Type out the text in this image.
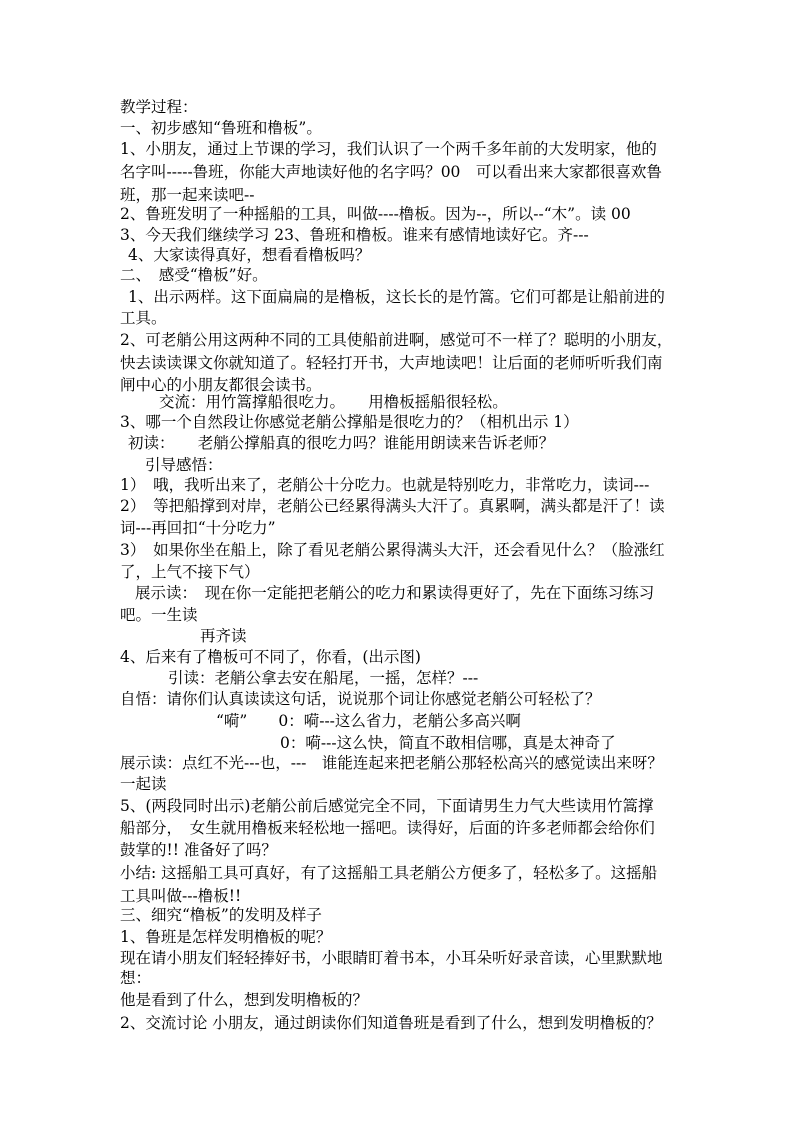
教学过程：
一、初步感知“鲁班和橹板”。
1、小朋友，通过上节课的学习，我们认识了一个两千多年前的大发明家，他的
名字叫-----鲁班，你能大声地读好他的名字吗？00　可以看出来大家都很喜欢鲁
班，那一起来读吧--
2、鲁班发明了一种摇船的工具，叫做----橹板。因为--，所以--“木”。读 00
3、今天我们继续学习 23、鲁班和橹板。谁来有感情地读好它。齐---
4、大家读得真好，想看看橹板吗？
二、　感受“橹板”好。
1、出示两样。这下面扁扁的是橹板，这长长的是竹篙。它们可都是让船前进的
工具。
2、可老艄公用这两种不同的工具使船前进啊，感觉可不一样了？聪明的小朋友，
快去读读课文你就知道了。轻轻打开书，大声地读吧！让后面的老师听听我们南
闸中心的小朋友都很会读书。
交流：用竹篙撑船很吃力。　　用橹板摇船很轻松。
3、哪一个自然段让你感觉老艄公撑船是很吃力的？（相机出示 1）
初读：　　老艄公撑船真的很吃力吗？谁能用朗读来告诉老师？
引导感悟：
1）　哦，我听出来了，老艄公十分吃力。也就是特别吃力，非常吃力，读词---
2）　等把船撑到对岸，老艄公已经累得满头大汗了。真累啊，满头都是汗了！读
词---再回扣“十分吃力”
3）　如果你坐在船上，除了看见老艄公累得满头大汗，还会看见什么？（脸涨红
了，上气不接下气）
展示读：　现在你一定能把老艄公的吃力和累读得更好了，先在下面练习练习
吧。一生读
再齐读
4、后来有了橹板可不同了，你看，(出示图)
引读：老艄公拿去安在船尾，一摇，怎样？---
自悟：请你们认真读读这句话，说说那个词让你感觉老艄公可轻松了？
“嗬”　　0：嗬---这么省力，老艄公多高兴啊
0：嗬---这么快，简直不敢相信哪，真是太神奇了
展示读：点红不光---也，---　谁能连起来把老艄公那轻松高兴的感觉读出来呀？
一起读
5、(两段同时出示)老艄公前后感觉完全不同，下面请男生力气大些读用竹篙撑
船部分，　女生就用橹板来轻松地一摇吧。读得好，后面的许多老师都会给你们
鼓掌的!! 准备好了吗？
小结: 这摇船工具可真好，有了这摇船工具老艄公方便多了，轻松多了。这摇船
工具叫做---橹板!!
三、细究“橹板”的发明及样子
1、鲁班是怎样发明橹板的呢？
现在请小朋友们轻轻捧好书，小眼睛盯着书本，小耳朵听好录音读，心里默默地
想：
他是看到了什么，想到发明橹板的？
2、交流讨论 小朋友，通过朗读你们知道鲁班是看到了什么，想到发明橹板的？
